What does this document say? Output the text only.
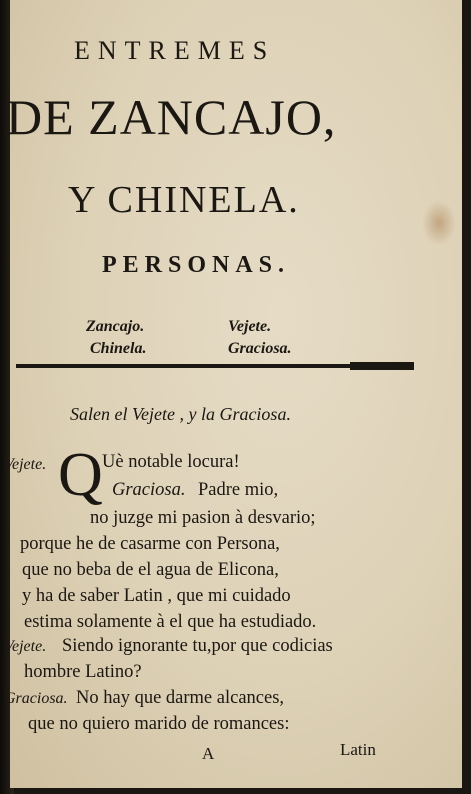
ENTREMES
DE ZANCAJO,
Y CHINELA.
PERSONAS.
Zancajo.	Vejete.
Chinela.	Graciosa.
Salen el Vejete , y la Graciosa.
Q
Vejete.	Uè notable locura!
Graciosa. Padre mio,
no juzge mi pasion à desvario;
porque he de casarme con Persona,
que no beba de el agua de Elicona,
y ha de saber Latin , que mi cuidado
estima solamente à el que ha estudiado.
Vejete. Siendo ignorante tu,por que codicias
hombre Latino?
Graciosa. No hay que darme alcances,
que no quiero marido de romances:
A	Latin
